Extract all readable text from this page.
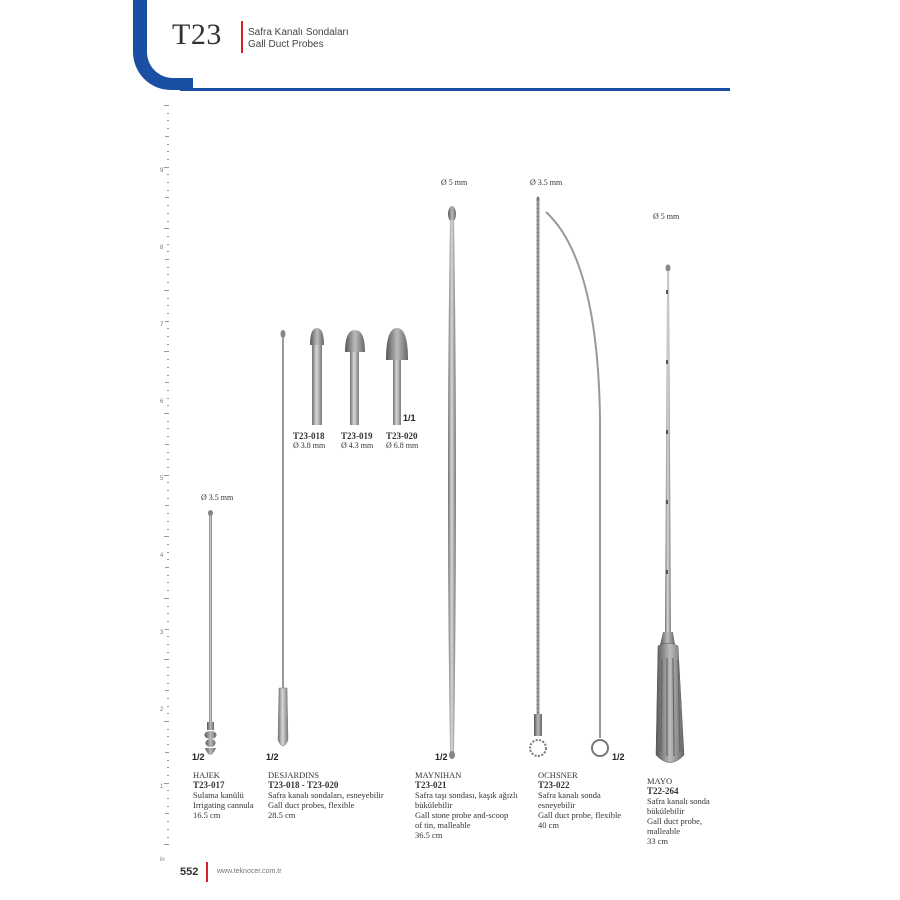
T23	Safra Kanalı Sondaları
Gall Duct Probes
9
8
7
6
5
4
3
2
1
in
Ø 3.5 mm
1/2
HAJEK
T23-017
Sulama kanülü
Irrigating cannula
16.5 cm
1/2
DESJARDINS
T23-018 - T23-020
Safra kanalı sondaları, esneyebilir
Gall duct probes, flexible
28.5 cm
1/1
T23-018
Ø 3.8 mm
T23-019
Ø 4.3 mm
T23-020
Ø 6.8 mm
Ø 5 mm
1/2
MAYNIHAN
T23-021
Safra taşı sondası, kaşık ağızlı
bükülebilir
Gall stone probe and-scoop
of tin, malleable
36.5 cm
Ø 3.5 mm
1/2
OCHSNER
T23-022
Safra kanalı sonda
esneyebilir
Gall duct probe, flexible
40 cm
Ø 5 mm
MAYO
T22-264
Safra kanalı sonda
bükülebilir
Gall duct probe,
malleable
33 cm
552	www.teknocer.com.tr
